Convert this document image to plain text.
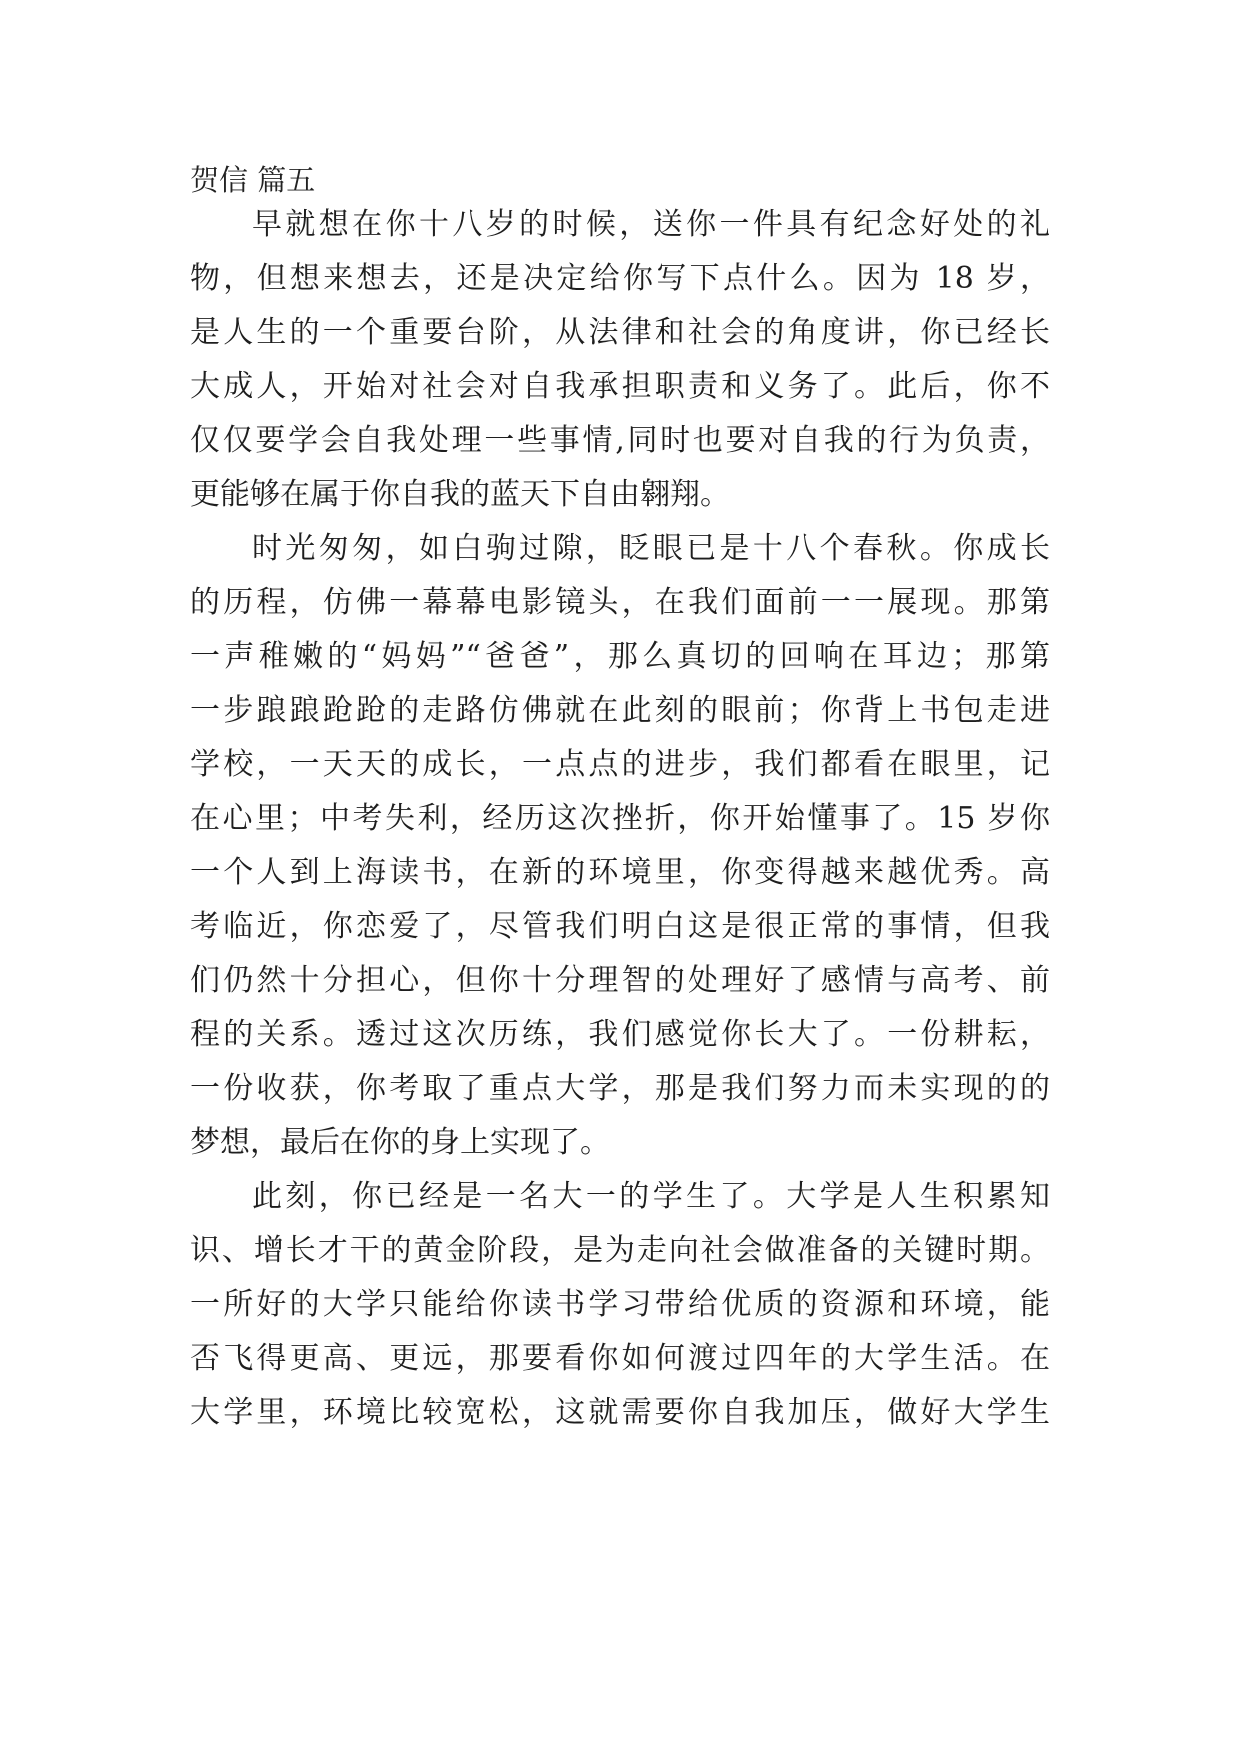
贺信 篇五
早就想在你十八岁的时候，送你一件具有纪念好处的礼
物，但想来想去，还是决定给你写下点什么。因为 18 岁，
是人生的一个重要台阶，从法律和社会的角度讲，你已经长
大成人，开始对社会对自我承担职责和义务了。此后，你不
仅仅要学会自我处理一些事情,同时也要对自我的行为负责，
更能够在属于你自我的蓝天下自由翱翔。
时光匆匆，如白驹过隙，眨眼已是十八个春秋。你成长
的历程，仿佛一幕幕电影镜头，在我们面前一一展现。那第
一声稚嫩的“妈妈”“爸爸”，那么真切的回响在耳边；那第
一步踉踉跄跄的走路仿佛就在此刻的眼前；你背上书包走进
学校，一天天的成长，一点点的进步，我们都看在眼里，记
在心里；中考失利，经历这次挫折，你开始懂事了。15 岁你
一个人到上海读书，在新的环境里，你变得越来越优秀。高
考临近，你恋爱了，尽管我们明白这是很正常的事情，但我
们仍然十分担心，但你十分理智的处理好了感情与高考、前
程的关系。透过这次历练，我们感觉你长大了。一份耕耘，
一份收获，你考取了重点大学，那是我们努力而未实现的的
梦想，最后在你的身上实现了。
此刻，你已经是一名大一的学生了。大学是人生积累知
识、增长才干的黄金阶段，是为走向社会做准备的关键时期。
一所好的大学只能给你读书学习带给优质的资源和环境，能
否飞得更高、更远，那要看你如何渡过四年的大学生活。在
大学里，环境比较宽松，这就需要你自我加压，做好大学生
